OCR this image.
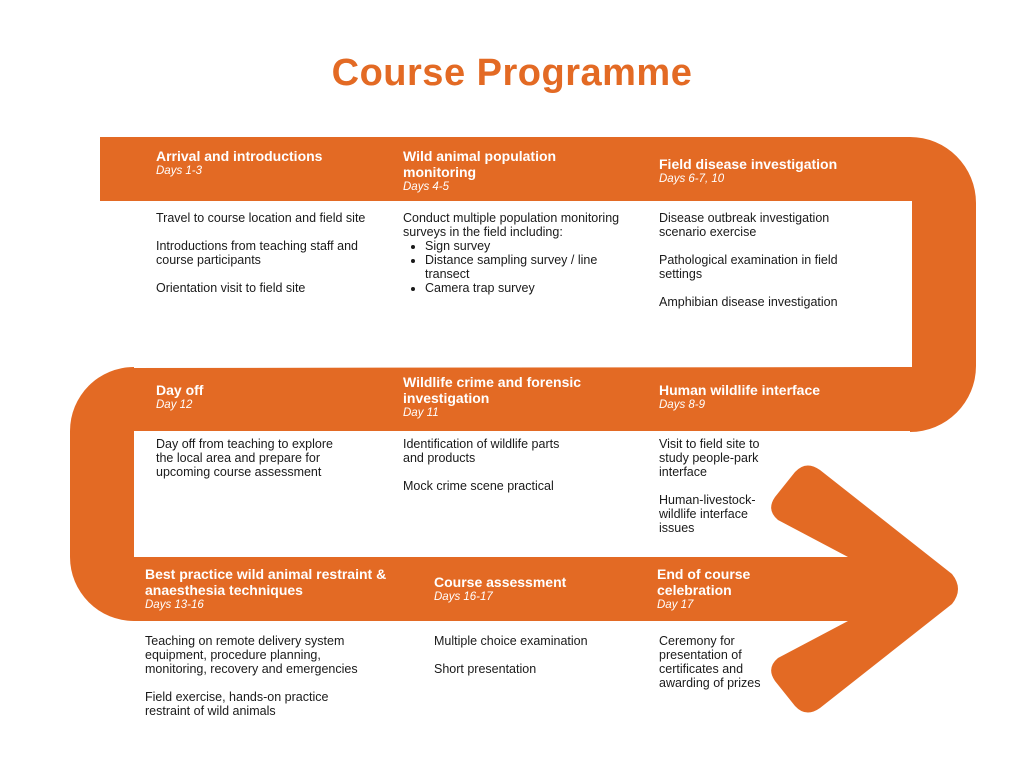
Course Programme
Arrival and introductions
Days 1-3

Travel to course location and field site

Introductions from teaching staff and course participants

Orientation visit to field site

Wild animal population monitoring
Days 4-5
Conduct multiple population monitoring surveys in the field including:
• Sign survey
• Distance sampling survey / line transect
• Camera trap survey
Field disease investigation
Days 6-7, 10

Disease outbreak investigation scenario exercise

Pathological examination in field settings

Amphibian disease investigation

Human wildlife interface
Days 8-9

Visit to field site to study people-park interface

Human-livestock-wildlife interface issues

Wildlife crime and forensic investigation
Day 11

Identification of wildlife parts and products

Mock crime scene practical

Day off
Day 12

Day off from teaching to explore the local area and prepare for upcoming course assessment

Best practice wild animal restraint & anaesthesia techniques
Days 13-16

Teaching on remote delivery system equipment, procedure planning, monitoring, recovery and emergencies

Field exercise, hands-on practice restraint of wild animals

Course assessment
Days 16-17

Multiple choice examination

Short presentation

End of course celebration
Day 17

Ceremony for presentation of certificates and awarding of prizes
